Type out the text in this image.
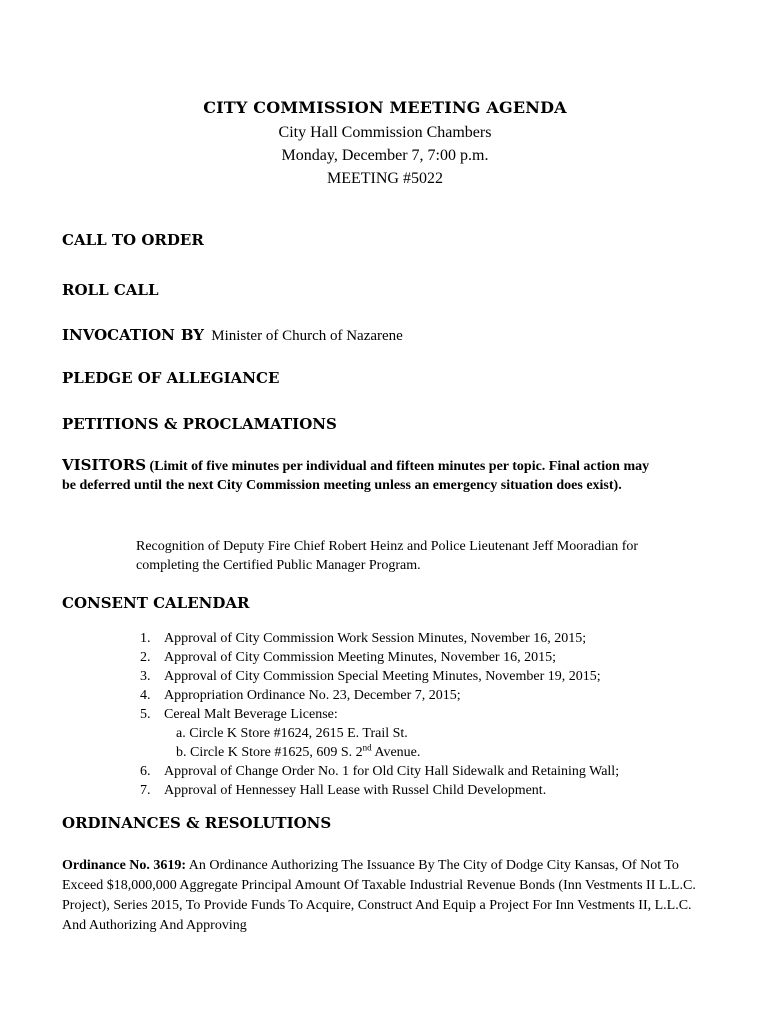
CITY COMMISSION MEETING AGENDA
City Hall Commission Chambers
Monday, December 7, 7:00 p.m.
MEETING #5022
CALL TO ORDER
ROLL CALL
INVOCATION BY Minister of Church of Nazarene
PLEDGE OF ALLEGIANCE
PETITIONS & PROCLAMATIONS
VISITORS (Limit of five minutes per individual and fifteen minutes per topic. Final action may be deferred until the next City Commission meeting unless an emergency situation does exist).
Recognition of Deputy Fire Chief Robert Heinz and Police Lieutenant Jeff Mooradian for completing the Certified Public Manager Program.
CONSENT CALENDAR
1. Approval of City Commission Work Session Minutes, November 16, 2015;
2. Approval of City Commission Meeting Minutes, November 16, 2015;
3. Approval of City Commission Special Meeting Minutes, November 19, 2015;
4. Appropriation Ordinance No. 23, December 7, 2015;
5. Cereal Malt Beverage License:
a. Circle K Store #1624, 2615 E. Trail St.
b. Circle K Store #1625, 609 S. 2nd Avenue.
6. Approval of Change Order No. 1 for Old City Hall Sidewalk and Retaining Wall;
7. Approval of Hennessey Hall Lease with Russel Child Development.
ORDINANCES & RESOLUTIONS
Ordinance No. 3619: An Ordinance Authorizing The Issuance By The City of Dodge City Kansas, Of Not To Exceed $18,000,000 Aggregate Principal Amount Of Taxable Industrial Revenue Bonds (Inn Vestments II L.L.C. Project), Series 2015, To Provide Funds To Acquire, Construct And Equip a Project For Inn Vestments II, L.L.C. And Authorizing And Approving
